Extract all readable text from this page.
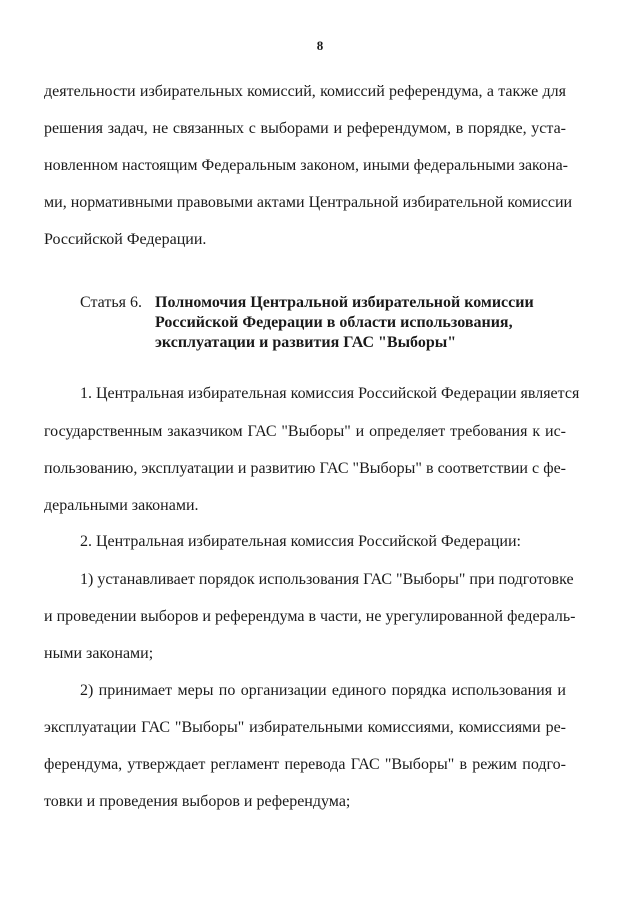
8
деятельности избирательных комиссий, комиссий референдума, а также для
решения задач, не связанных с выборами и референдумом, в порядке, уста-
новленном настоящим Федеральным законом, иными федеральными закона-
ми, нормативными правовыми актами Центральной избирательной комиссии
Российской Федерации.
Статья 6. Полномочия Центральной избирательной комиссии
Российской Федерации в области использования,
эксплуатации и развития ГАС "Выборы"
1. Центральная избирательная комиссия Российской Федерации является
государственным заказчиком ГАС "Выборы" и определяет требования к ис-
пользованию, эксплуатации и развитию ГАС "Выборы" в соответствии с фе-
деральными законами.
2. Центральная избирательная комиссия Российской Федерации:
1) устанавливает порядок использования ГАС "Выборы" при подготовке
и проведении выборов и референдума в части, не урегулированной федераль-
ными законами;
2) принимает меры по организации единого порядка использования и
эксплуатации ГАС "Выборы" избирательными комиссиями, комиссиями ре-
ферендума, утверждает регламент перевода ГАС "Выборы" в режим подго-
товки и проведения выборов и референдума;
